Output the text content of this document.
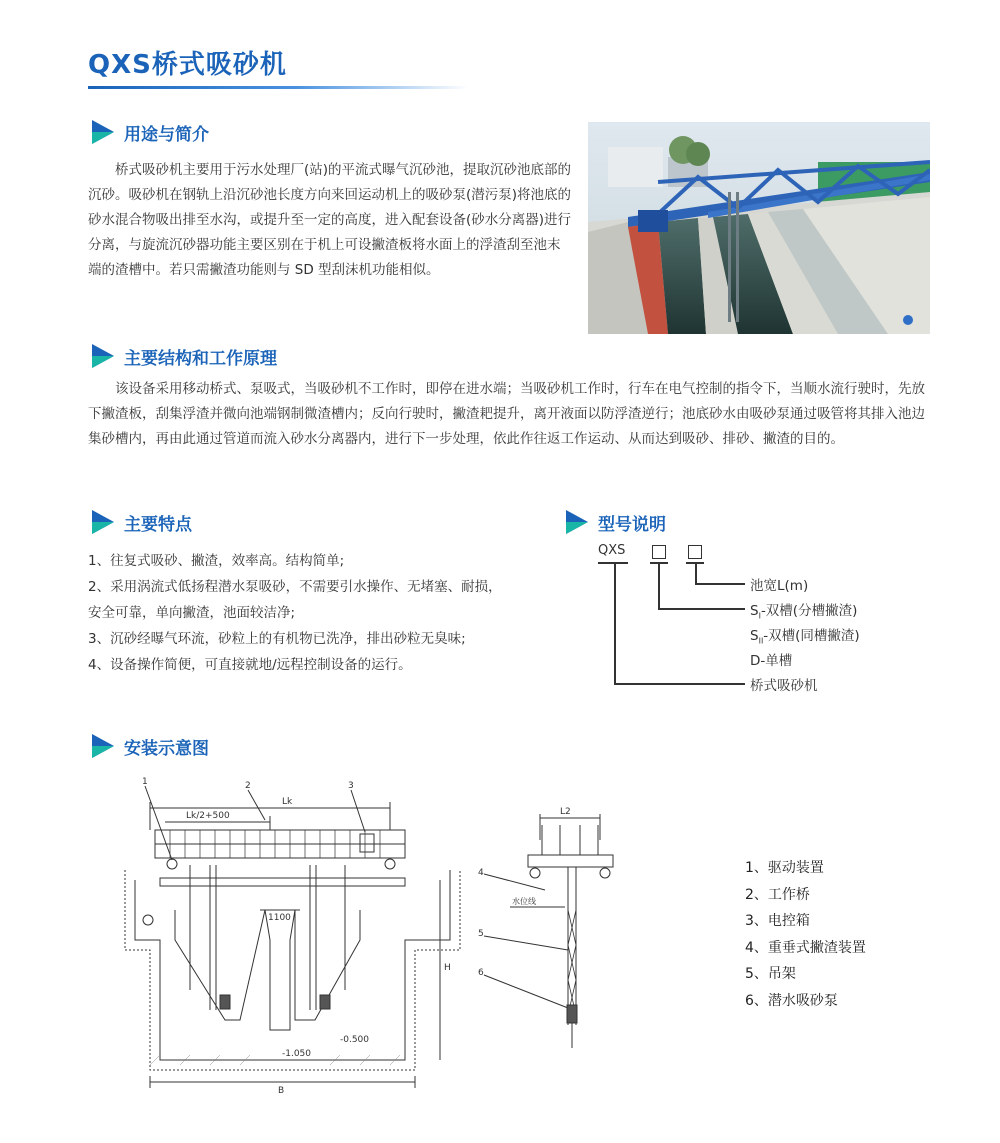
QXS桥式吸砂机
用途与简介

桥式吸砂机主要用于污水处理厂(站)的平流式曝气沉砂池，提取沉砂池底部的沉砂。吸砂机在钢轨上沿沉砂池长度方向来回运动机上的吸砂泵(潜污泵)将池底的砂水混合物吸出排至水沟，或提升至一定的高度，进入配套设备(砂水分离器)进行分离，与旋流沉砂器功能主要区别在于机上可设撇渣板将水面上的浮渣刮至池末端的渣槽中。若只需撇渣功能则与 SD 型刮沫机功能相似。

主要结构和工作原理

该设备采用移动桥式、泵吸式，当吸砂机不工作时，即停在进水端；当吸砂机工作时，行车在电气控制的指令下，当顺水流行驶时，先放下撇渣板，刮集浮渣并微向池端钢制微渣槽内；反向行驶时，撇渣耙提升，离开液面以防浮渣逆行；池底砂水由吸砂泵通过吸管将其排入池边集砂槽内，再由此通过管道而流入砂水分离器内，进行下一步处理，依此作往返工作运动、从而达到吸砂、排砂、撇渣的目的。

主要特点
1、往复式吸砂、撇渣，效率高。结构简单;
2、采用涡流式低扬程潜水泵吸砂，不需要引水操作、无堵塞、耐损，
安全可靠，单向撇渣，池面较洁净;
3、沉砂经曝气环流，砂粒上的有机物已洗净，排出砂粒无臭味;
4、设备操作简便，可直接就地/远程控制设备的运行。
型号说明
QXS
池宽L(m)
$S_I-$双槽(分槽撇渣)
$S_{II}-$双槽(同槽撇渣)
D-单槽
桥式吸砂机
安装示意图
Lk/2+500
Lk
1	2	3
1100
-1.050
-0.500
B
H
L2
4
水位线
5
6
1、驱动装置
2、工作桥
3、电控箱
4、重垂式撇渣装置
5、吊架
6、潜水吸砂泵
